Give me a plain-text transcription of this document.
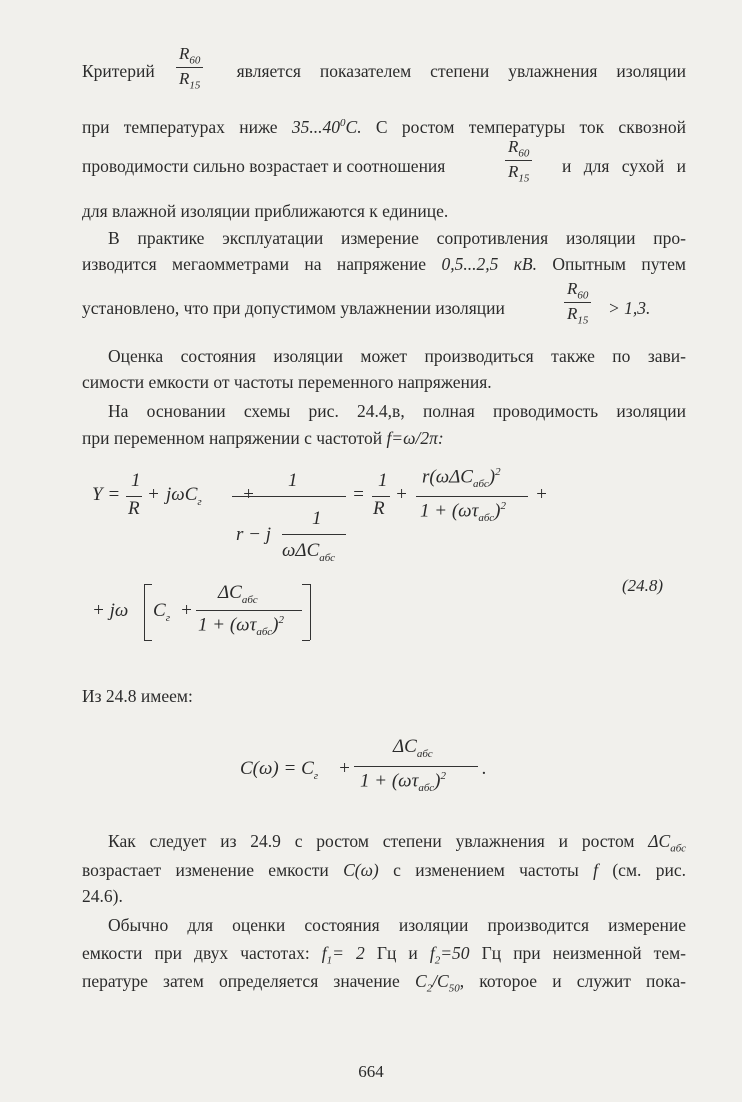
Критерий	является показателем степени увлажнения изоляции
$R_{60}$
$R_{15}$
при температурах ниже 35...40$^0$C. С ростом температуры ток сквозной
проводимости сильно возрастает и соотношения
$R_{60}$
$R_{15}$
и для сухой и
для влажной изоляции приближаются к единице.
В практике эксплуатации измерение сопротивления изоляции про-
изводится мегаомметрами на напряжение 0,5...2,5 кВ. Опытным путем
установлено, что при допустимом увлажнении изоляции
$R_{60}$
$R_{15}$
> 1,3.
Оценка состояния изоляции может производиться также по зави-
симости емкости от частоты переменного напряжения.
На основании схемы рис. 24.4,в, полная проводимость изоляции
при переменном напряжении с частотой f=ω/2π:
Y =
1
R
+ jωC$_г$ +
1
r − j
1
ωΔC$_{абс}$
=
1
R
+
$r(\omega\Delta C_{абс})^2$
$1 + (\omega\tau_{абс})^2$
+
(24.8)
+ jω $C_г$ +
$\Delta C_{абс}$
$1 + (\omega\tau_{абс})^2$
Из 24.8 имеем:
$C(\omega) = C_г$ +
$\Delta C_{абс}$
$1 + (\omega\tau_{абс})^2$ .
Как следует из 24.9 с ростом степени увлажнения и ростом $\Delta C_{абс}$
возрастает изменение емкости C(ω) с изменением частоты f (см. рис.
24.6).
Обычно для оценки состояния изоляции производится измерение
емкости при двух частотах: $f_1= 2$ Гц и $f_2=50$ Гц при неизменной тем-
пературе затем определяется значение $C_2/C_{50}$, которое и служит пока-
664
